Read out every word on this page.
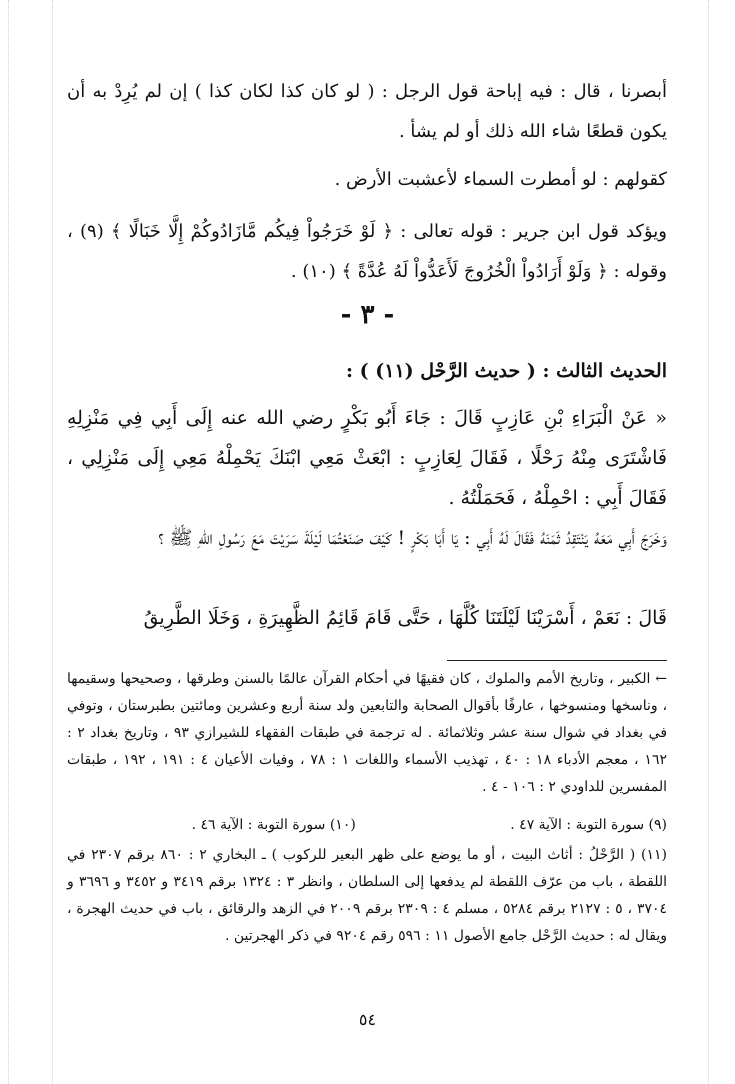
أبصرنا ، قال : فيه إباحة قول الرجل : ( لو كان كذا لكان كذا ) إن لم يُرِدْ به أن يكون قطعًا شاء الله ذلك أو لم يشأ .

كقولهم : لو أمطرت السماء لأعشبت الأرض .

ويؤكد قول ابن جرير : قوله تعالى : ﴿ لَوْ خَرَجُواْ فِيكُم مَّازَادُوكُمْ إِلَّا خَبَالًا ﴾ (٩) ، وقوله : ﴿ وَلَوْ أَرَادُواْ الْخُرُوجَ لَأَعَدُّواْ لَهُ عُدَّةً ﴾ (١٠) .

- ٣ -

الحديث الثالث : ( حديث الرَّحْل (١١) ) :

« عَنْ الْبَرَاءِ بْنِ عَازِبٍ قَالَ : جَاءَ أَبُو بَكْرٍ رضي الله عنه إِلَى أَبِي فِي مَنْزِلِهِ فَاشْتَرَى مِنْهُ رَحْلًا ، فَقَالَ لِعَازِبٍ : ابْعَثْ مَعِي ابْنَكَ يَحْمِلْهُ مَعِي إِلَى مَنْزِلِي ، فَقَالَ أَبِي : احْمِلْهُ ، فَحَمَلْتُهُ .

وَخَرَجَ أَبِي مَعَهُ يَنْتَقِدُ ثَمَنَهُ فَقَالَ لَهُ أَبِي : يَا أَبَا بَكْرٍ ! كَيْفَ صَنَعْتُمَا لَيْلَةَ سَرَيْتَ مَعَ رَسُولِ اللهِ ﷺ ؟

قَالَ : نَعَمْ ، أَسْرَيْنَا لَيْلَتَنَا كُلَّهَا ، حَتَّى قَامَ قَائِمُ الظَّهِيرَةِ ، وَخَلَا الطَّرِيقُ

← الكبير ، وتاريخ الأمم والملوك ، كان فقيهًا في أحكام القرآن عالمًا بالسنن وطرقها ، وصحيحها وسقيمها ، وناسخها ومنسوخها ، عارفًا بأقوال الصحابة والتابعين ولد سنة أربع وعشرين ومائتين بطبرستان ، وتوفي في بغداد في شوال سنة عشر وثلاثمائة . له ترجمة في طبقات الفقهاء للشيرازي ٩٣ ، وتاريخ بغداد ٢ : ١٦٢ ، معجم الأدباء ١٨ : ٤٠ ، تهذيب الأسماء واللغات ١ : ٧٨ ، وفيات الأعيان ٤ : ١٩١ ، ١٩٢ ، طبقات المفسرين للداودي ٢ : ١٠٦ - ٤ .

(٩) سورة التوبة : الآية ٤٧ . (١٠) سورة التوبة : الآية ٤٦ .

(١١) ( الرَّحْلُ : أثاث البيت ، أو ما يوضع على ظهر البعير للركوب ) ـ البخاري ٢ : ٨٦٠ برقم ٢٣٠٧ في اللقطة ، باب من عرّف اللقطة لم يدفعها إلى السلطان ، وانظر ٣ : ١٣٢٤ برقم ٣٤١٩ و ٣٤٥٢ و ٣٦٩٦ و ٣٧٠٤ ، ٥ : ٢١٢٧ برقم ٥٢٨٤ ، مسلم ٤ : ٢٣٠٩ برقم ٢٠٠٩ في الزهد والرقائق ، باب في حديث الهجرة ، ويقال له : حديث الرَّحْل جامع الأصول ١١ : ٥٩٦ رقم ٩٢٠٤ في ذكر الهجرتين .

٥٤
